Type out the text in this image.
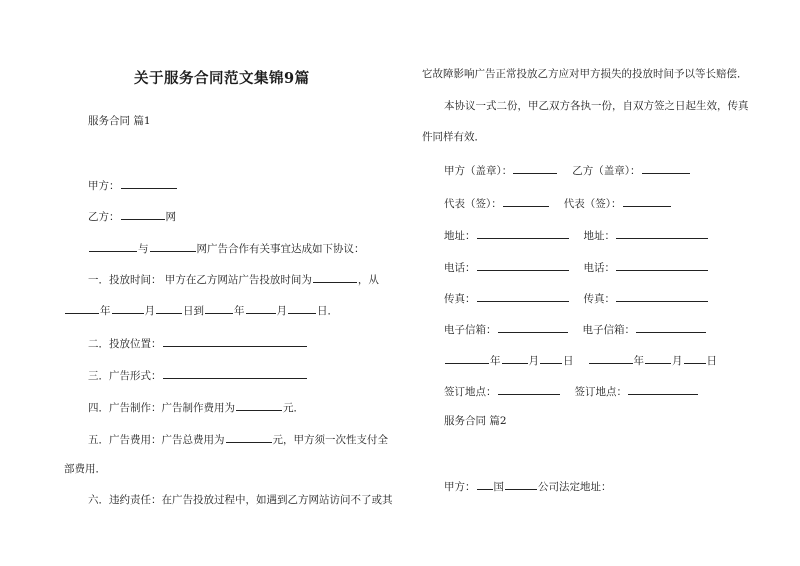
关于服务合同范文集锦9篇
服务合同 篇1
甲方：
乙方：	网
与	网广告合作有关事宜达成如下协议：
一．投放时间： 甲方在乙方网站广告投放时间为	，从
年	月	日到	年	月	日．
二．投放位置：
三．广告形式：
四．广告制作：广告制作费用为	元．
五．广告费用：广告总费用为	元，甲方须一次性支付全
部费用．
六．违约责任：在广告投放过程中，如遇到乙方网站访问不了或其
它故障影响广告正常投放乙方应对甲方损失的投放时间予以等长赔偿．
本协议一式二份，甲乙双方各执一份，自双方签之日起生效，传真
件同样有效．
甲方（盖章）：	乙方（盖章）：
代表（签）：	代表（签）：
地址：	地址：
电话：	电话：
传真：	传真：
电子信箱：	电子信箱：
年	月 日	年	月 日
签订地点：	签订地点：
服务合同 篇2
甲方： 国	公司法定地址：
